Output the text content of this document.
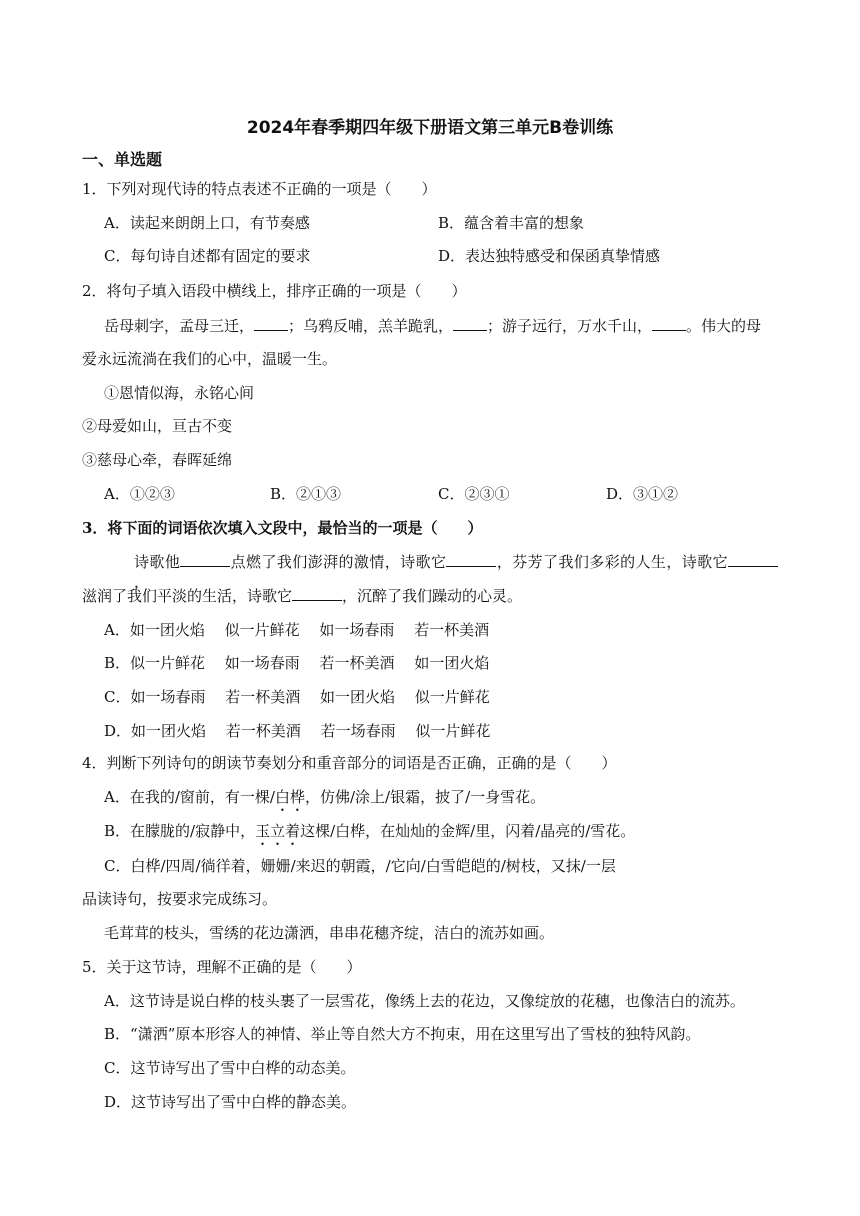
2024年春季期四年级下册语文第三单元B卷训练
一、单选题
1．下列对现代诗的特点表述不正确的一项是（　　）
A．读起来朗朗上口，有节奏感	B．蕴含着丰富的想象
C．每句诗自述都有固定的要求	D．表达独特感受和保函真挚情感
2．将句子填入语段中横线上，排序正确的一项是（　　）
岳母刺字，孟母三迁， ；乌鸦反哺，羔羊跪乳， ；游子远行，万水千山， 。伟大的母
爱永远流淌在我们的心中，温暖一生。
①恩情似海，永铭心间
②母爱如山，亘古不变
③慈母心牵，春晖延绵
A．①②③	B．②①③	C．②③①	D．③①②
3．将下面的词语依次填入文段中，最恰当的一项是（　　）
诗歌他	点燃了我们澎湃的激情，诗歌它	，芬芳了我们多彩的人生，诗歌它，
滋润了我们平淡的生活，诗歌它	，沉醉了我们躁动的心灵。
A．如一团火焰　 似一片鲜花　 如一场春雨　 若一杯美酒
B．似一片鲜花　 如一场春雨　 若一杯美酒　 如一团火焰
C．如一场春雨　 若一杯美酒　 如一团火焰　 似一片鲜花
D．如一团火焰　 若一杯美酒　 若一场春雨　 似一片鲜花
4．判断下列诗句的朗读节奏划分和重音部分的词语是否正确，正确的是（　　）
A．在我的/窗前，有一棵/白桦，仿佛/涂上/银霜，披了/一身雪花。
B．在朦胧的/寂静中，玉立着这棵/白桦，在灿灿的金辉/里，闪着/晶亮的/雪花。
C．白桦/四周/徜徉着，姗姗/来迟的朝霞，/它向/白雪皑皑的/树枝，又抹/一层
品读诗句，按要求完成练习。
毛茸茸的枝头，雪绣的花边潇洒，串串花穗齐绽，洁白的流苏如画。
5．关于这节诗，理解不正确的是（　　）
A．这节诗是说白桦的枝头裹了一层雪花，像绣上去的花边，又像绽放的花穗，也像洁白的流苏。
B．“潇洒”原本形容人的神情、举止等自然大方不拘束，用在这里写出了雪枝的独特风韵。
C．这节诗写出了雪中白桦的动态美。
D．这节诗写出了雪中白桦的静态美。
